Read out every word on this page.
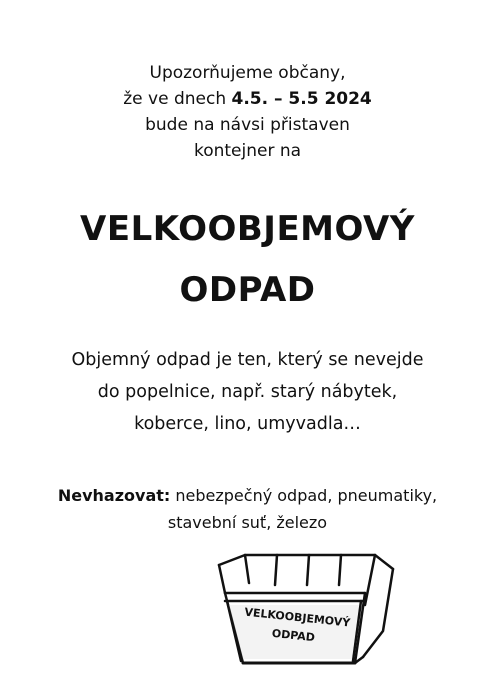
Upozorňujeme občany,
že ve dnech 4.5. – 5.5 2024
bude na návsi přistaven
kontejner na
VELKOOBJEMOVÝ
ODPAD
Objemný odpad je ten, který se nevejde
do popelnice, např. starý nábytek,
koberce, lino, umyvadla…
Nevhazovat: nebezpečný odpad, pneumatiky,
stavební suť, železo
VELKOOBJEMOVÝ
ODPAD
